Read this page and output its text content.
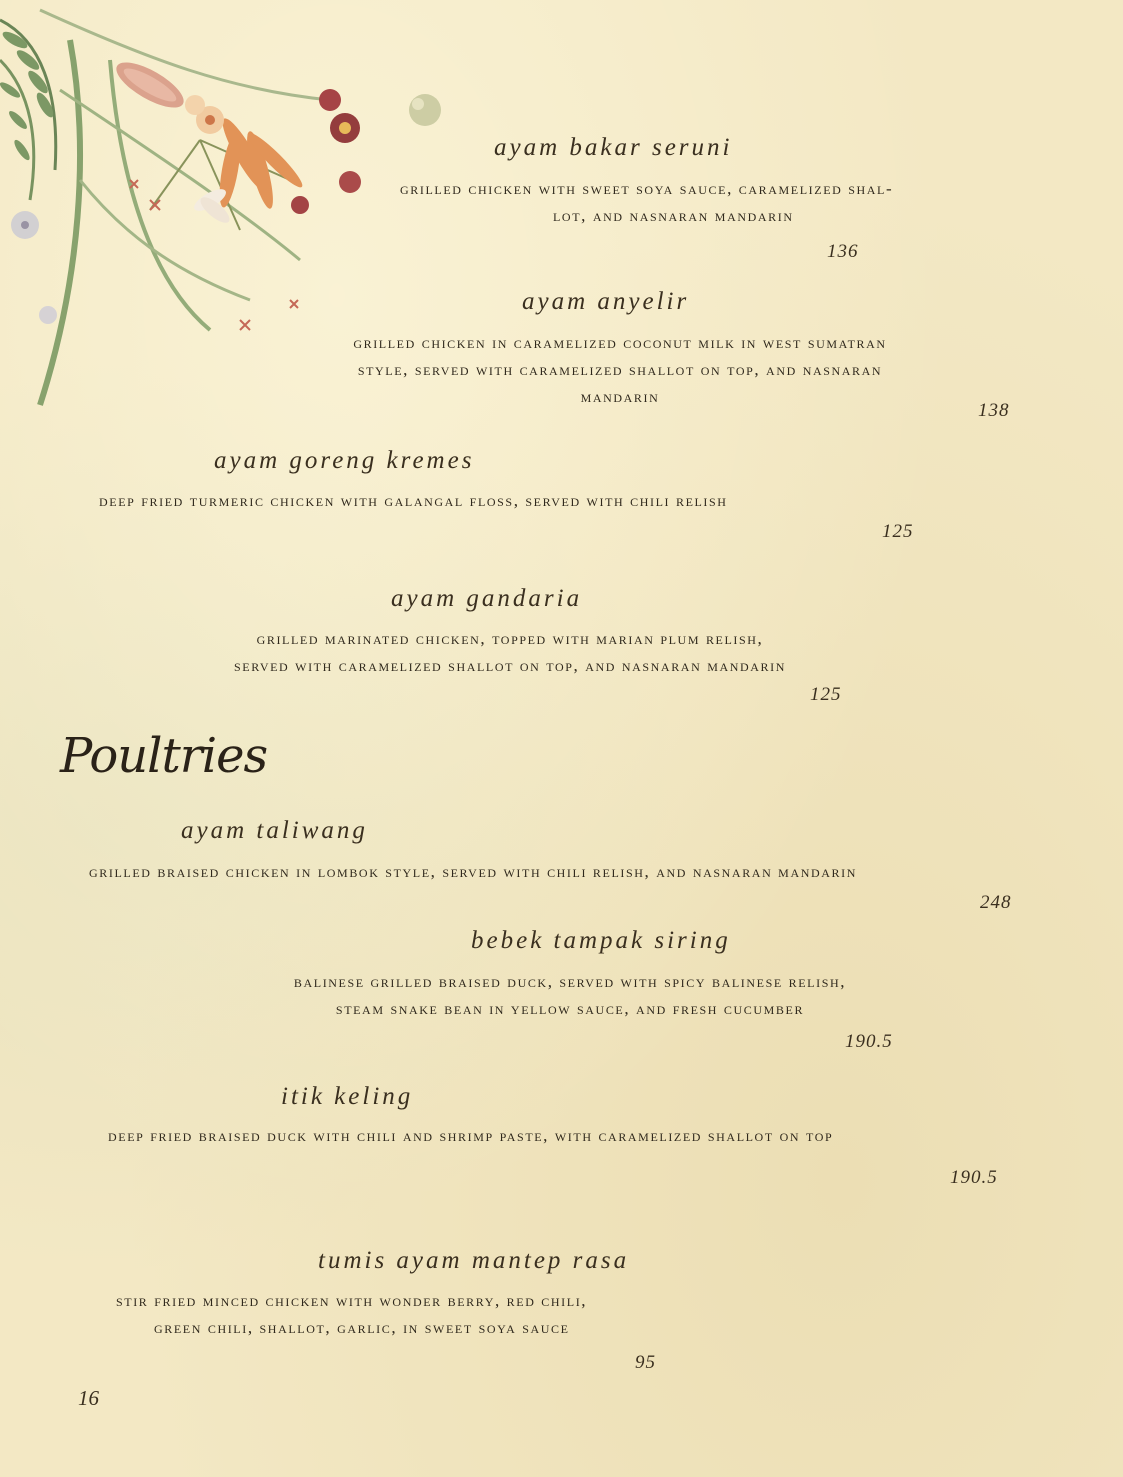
ayam bakar seruni
grilled chicken with sweet soya sauce, caramelized shal-
lot, and nasnaran mandarin
136
ayam anyelir
grilled chicken in caramelized coconut milk in west sumatran
style, served with caramelized shallot on top, and nasnaran
mandarin
138
ayam goreng kremes
deep fried turmeric chicken with galangal floss, served with chili relish
125
ayam gandaria
grilled marinated chicken, topped with marian plum relish,
served with caramelized shallot on top, and nasnaran mandarin
125
Poultries
ayam taliwang
grilled braised chicken in lombok style, served with chili relish, and nasnaran mandarin
248
bebek tampak siring
balinese grilled braised duck, served with spicy balinese relish,
steam snake bean in yellow sauce, and fresh cucumber
190.5
itik keling
deep fried braised duck with chili and shrimp paste, with caramelized shallot on top
190.5
tumis ayam mantep rasa
stir fried minced chicken with wonder berry, red chili,
green chili, shallot, garlic, in sweet soya sauce
95
16
